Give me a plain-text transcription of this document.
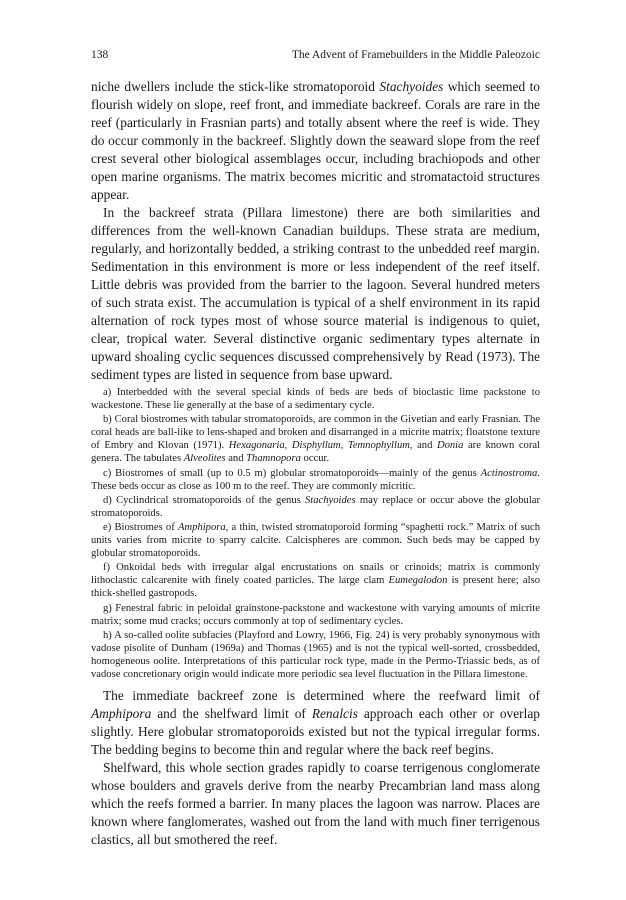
138	The Advent of Framebuilders in the Middle Paleozoic

niche dwellers include the stick-like stromatoporoid Stachyoides which seemed to flourish widely on slope, reef front, and immediate backreef. Corals are rare in the reef (particularly in Frasnian parts) and totally absent where the reef is wide. They do occur commonly in the backreef. Slightly down the seaward slope from the reef crest several other biological assemblages occur, including brachiopods and other open marine organisms. The matrix becomes micritic and stromatactoid structures appear.

In the backreef strata (Pillara limestone) there are both similarities and differences from the well-known Canadian buildups. These strata are medium, regularly, and horizontally bedded, a striking contrast to the unbedded reef margin. Sedimentation in this environment is more or less independent of the reef itself. Little debris was provided from the barrier to the lagoon. Several hundred meters of such strata exist. The accumulation is typical of a shelf environment in its rapid alternation of rock types most of whose source material is indigenous to quiet, clear, tropical water. Several distinctive organic sedimentary types alternate in upward shoaling cyclic sequences discussed comprehensively by Read (1973). The sediment types are listed in sequence from base upward.

a) Interbedded with the several special kinds of beds are beds of bioclastic lime packstone to wackestone. These lie generally at the base of a sedimentary cycle.

b) Coral biostromes with tabular stromatoporoids, are common in the Givetian and early Frasnian. The coral heads are ball-like to lens-shaped and broken and disarranged in a micrite matrix; floatstone texture of Embry and Klovan (1971). Hexagonaria, Disphyllum, Temnophyllum, and Donia are known coral genera. The tabulates Alveolites and Thamnopora occur.

c) Biostromes of small (up to 0.5 m) globular stromatoporoids—mainly of the genus Actinostroma. These beds occur as close as 100 m to the reef. They are commonly micritic.

d) Cyclindrical stromatoporoids of the genus Stachyoides may replace or occur above the globular stromatoporoids.

e) Biostromes of Amphipora, a thin, twisted stromatoporoid forming “spaghetti rock.” Matrix of such units varies from micrite to sparry calcite. Calcispheres are common. Such beds may be capped by globular stromatoporoids.

f) Onkoidal beds with irregular algal encrustations on snails or crinoids; matrix is commonly lithoclastic calcarenite with finely coated particles. The large clam Eumegalodon is present here; also thick-shelled gastropods.

g) Fenestral fabric in peloidal grainstone-packstone and wackestone with varying amounts of micrite matrix; some mud cracks; occurs commonly at top of sedimentary cycles.

h) A so-called oolite subfacies (Playford and Lowry, 1966, Fig. 24) is very probably synonymous with vadose pisolite of Dunham (1969a) and Thomas (1965) and is not the typical well-sorted, crossbedded, homogeneous oolite. Interpretations of this particular rock type, made in the Permo-Triassic beds, as of vadose concretionary origin would indicate more periodic sea level fluctuation in the Pillara limestone.

The immediate backreef zone is determined where the reefward limit of Amphipora and the shelfward limit of Renalcis approach each other or overlap slightly. Here globular stromatoporoids existed but not the typical irregular forms. The bedding begins to become thin and regular where the back reef begins.

Shelfward, this whole section grades rapidly to coarse terrigenous conglomerate whose boulders and gravels derive from the nearby Precambrian land mass along which the reefs formed a barrier. In many places the lagoon was narrow. Places are known where fanglomerates, washed out from the land with much finer terrigenous clastics, all but smothered the reef.
